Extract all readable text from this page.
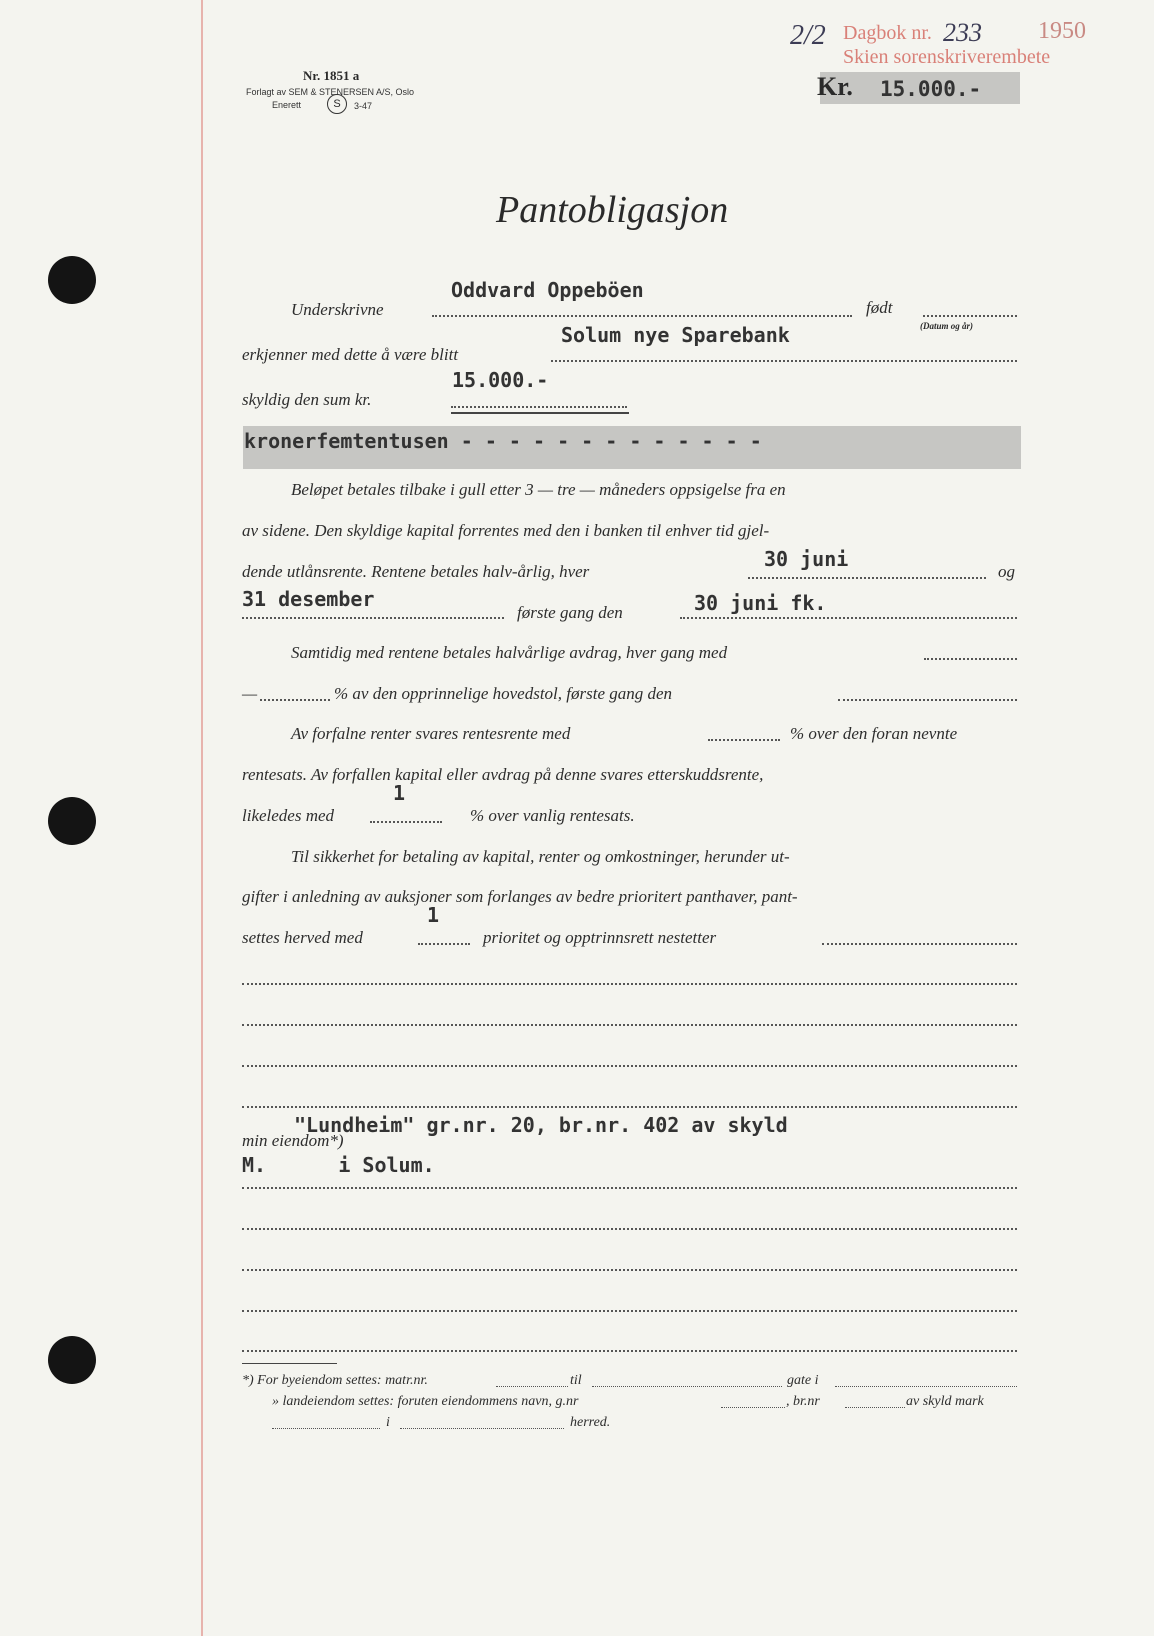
Dagbok nr. 233 1950
Skien sorenskriverembete
2/2
Nr. 1851 a
Forlagt av SEM & STENERSEN A/S, Oslo
Enerett	S	3-47
Kr. 15.000.-
Pantobligasjon
Oddvard Oppeböen
Underskrivne	født
(Datum og år)
Solum nye Sparebank
erkjenner med dette å være blitt
15.000.-
skyldig den sum kr.
kronerfemtentusen - - - - - - - - - - - - -
Beløpet betales tilbake i gull etter 3 — tre — måneders oppsigelse fra en
av sidene. Den skyldige kapital forrentes med den i banken til enhver tid gjel-
30 juni
dende utlånsrente. Rentene betales halv-årlig, hver	og
31 desember
første gang den	30 juni fk.
Samtidig med rentene betales halvårlige avdrag, hver gang med
—	% av den opprinnelige hovedstol, første gang den
Av forfalne renter svares rentesrente med	% over den foran nevnte
rentesats. Av forfallen kapital eller avdrag på denne svares etterskuddsrente,
1
likeledes med	% over vanlig rentesats.
Til sikkerhet for betaling av kapital, renter og omkostninger, herunder ut-
gifter i anledning av auksjoner som forlanges av bedre prioritert panthaver, pant-
1
settes herved med	prioritet og opptrinnsrett nestetter
"Lundheim" gr.nr. 20, br.nr. 402 av skyld
min eiendom*)
M.      i Solum.
*) For byeiendom settes: matr.nr.	til	gate i
» landeiendom settes: foruten eiendommens navn, g.nr	, br.nr	av skyld mark
i	herred.
